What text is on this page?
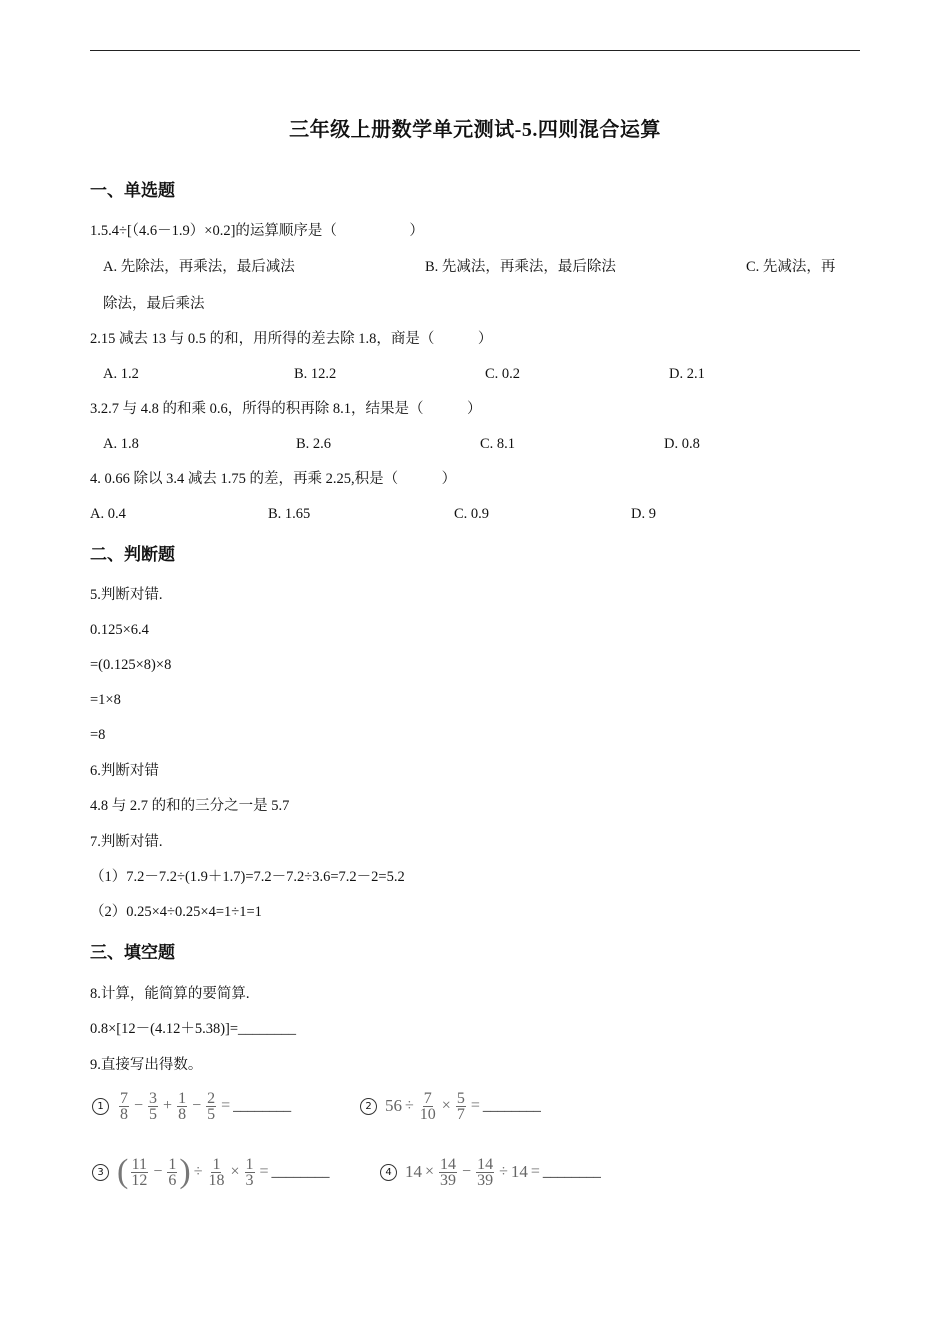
三年级上册数学单元测试-5.四则混合运算
一、单选题
1.5.4÷[（4.6－1.9）×0.2]的运算顺序是（　　　　　）
A. 先除法，再乘法，最后减法	B. 先减法，再乘法，最后除法	C. 先减法，再
除法，最后乘法
2.15 减去 13 与 0.5 的和，用所得的差去除 1.8，商是（　　　）
A. 1.2	B. 12.2	C. 0.2	D. 2.1
3.2.7 与 4.8 的和乘 0.6，所得的积再除 8.1，结果是（　　　）
A. 1.8	B. 2.6	C. 8.1	D. 0.8
4. 0.66 除以 3.4 减去 1.75 的差，再乘 2.25,积是（　　　）
A. 0.4	B. 1.65	C. 0.9	D. 9
二、判断题
5.判断对错.
0.125×6.4
=(0.125×8)×8
=1×8
=8
6.判断对错
4.8 与 2.7 的和的三分之一是 5.7
7.判断对错.
（1）7.2－7.2÷(1.9＋1.7)=7.2－7.2÷3.6=7.2－2=5.2
（2）0.25×4÷0.25×4=1÷1=1
三、填空题
8.计算，能简算的要简算.
0.8×[12－(4.12＋5.38)]=________
9.直接写出得数。
$1 \frac{7}{8} - \frac{3}{5} + \frac{1}{8} - \frac{2}{5}$ = ________	2 $56 \div \frac{7}{10} \times \frac{5}{7}$ = ________
3 ( $\frac{11}{12} - \frac{1}{6}$ ) ÷ $\frac{1}{18} \times \frac{1}{3}$ = ________	4 $14 \times \frac{14}{39} - \frac{14}{39} \div 14$ = ________
